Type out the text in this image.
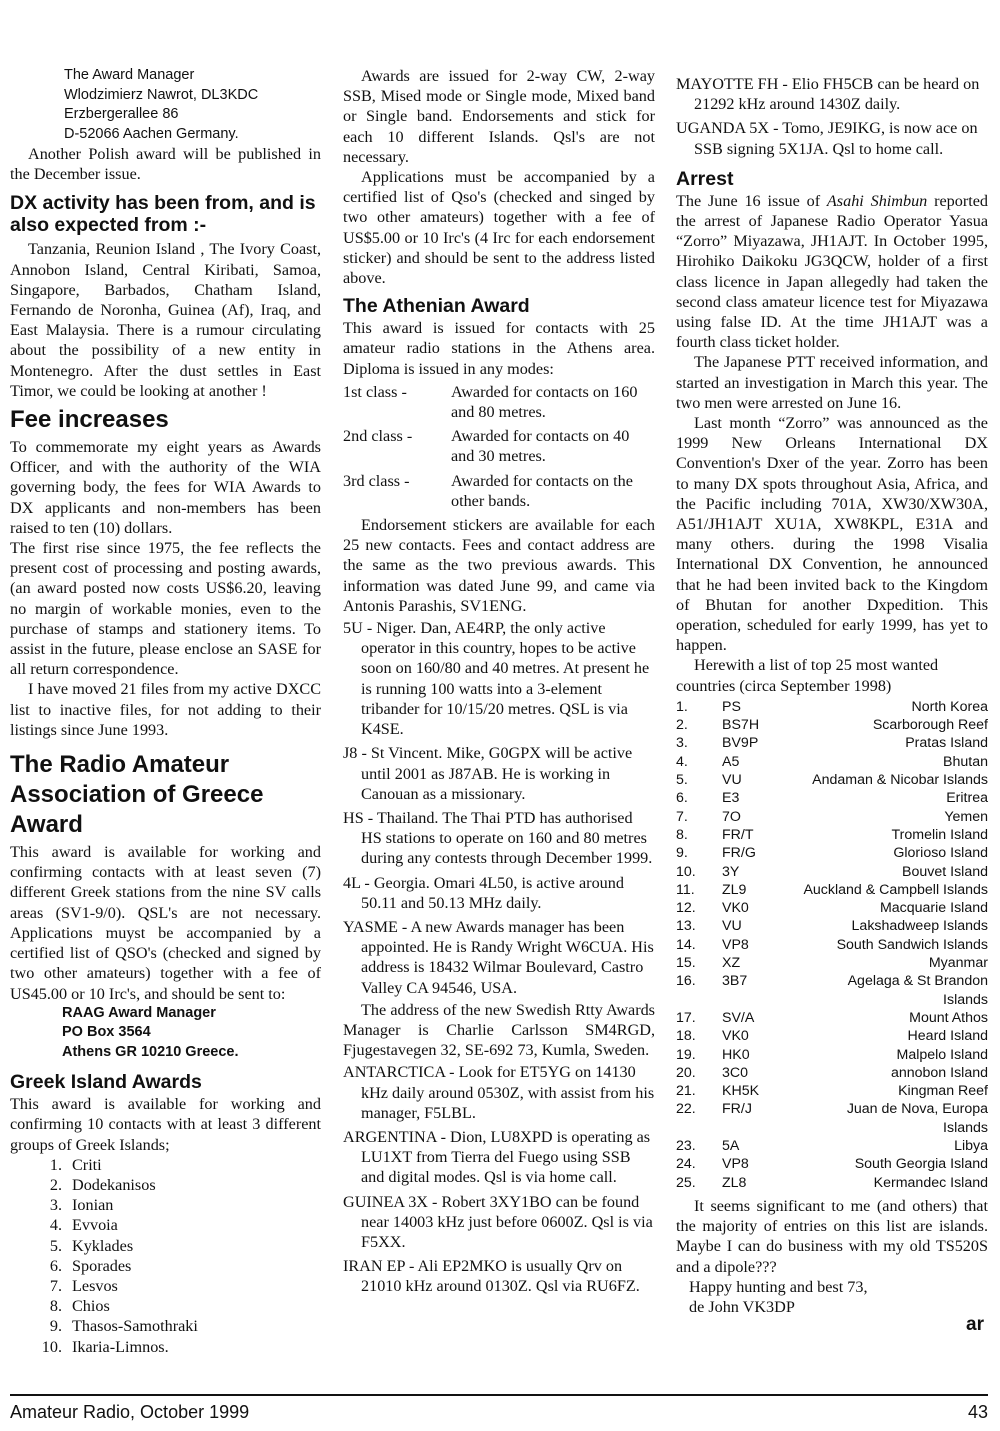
The Award Manager
Wlodzimierz Nawrot, DL3KDC
Erzbergerallee 86
D-52066 Aachen Germany.

Another Polish award will be published in the December issue.

DX activity has been from, and is also expected from :-

Tanzania, Reunion Island , The Ivory Coast, Annobon Island, Central Kiribati, Samoa, Singapore, Barbados, Chatham Island, Fernando de Noronha, Guinea (Af), Iraq, and East Malaysia. There is a rumour circulating about the possibility of a new entity in Montenegro. After the dust settles in East Timor, we could be looking at another !

Fee increases

To commemorate my eight years as Awards Officer, and with the authority of the WIA governing body, the fees for WIA Awards to DX applicants and non-members has been raised to ten (10) dollars.

The first rise since 1975, the fee reflects the present cost of processing and posting awards, (an award posted now costs US$6.20, leaving no margin of workable monies, even to the purchase of stamps and stationery items. To assist in the future, please enclose an SASE for all return correspondence.

I have moved 21 files from my active DXCC list to inactive files, for not adding to their listings since June 1993.

The Radio Amateur Association of Greece Award

This award is available for working and confirming contacts with at least seven (7) different Greek stations from the nine SV calls areas (SV1-9/0). QSL's are not necessary. Applications muyst be accompanied by a certified list of QSO's (checked and signed by two other amateurs) together with a fee of US45.00 or 10 Irc's, and should be sent to:

RAAG Award Manager
PO Box 3564
Athens GR 10210 Greece.
Greek Island Awards

This award is available for working and confirming 10 contacts with at least 3 different groups of Greek Islands;

1. Criti
2. Dodekanisos
3. Ionian
4. Evvoia
5. Kyklades
6. Sporades
7. Lesvos
8. Chios
9. Thasos-Samothraki
10. Ikaria-Limnos.

Awards are issued for 2-way CW, 2-way SSB, Mised mode or Single mode, Mixed band or Single band. Endorsements and stick for each 10 different Islands. Qsl's are not necessary.

Applications must be accompanied by a certified list of Qso's (checked and singed by two other amateurs) together with a fee of US$5.00 or 10 Irc's (4 Irc for each endorsement sticker) and should be sent to the address listed above.

The Athenian Award

This award is issued for contacts with 25 amateur radio stations in the Athens area. Diploma is issued in any modes:

1st class -	Awarded for contacts on 160 and 80 metres.
2nd class -	Awarded for contacts on 40 and 30 metres.
3rd class -	Awarded for contacts on the other bands.

Endorsement stickers are available for each 25 new contacts. Fees and contact address are the same as the two previous awards. This information was dated June 99, and came via Antonis Parashis, SV1ENG.

5U - Niger. Dan, AE4RP, the only active operator in this country, hopes to be active soon on 160/80 and 40 metres. At present he is running 100 watts into a 3-element tribander for 10/15/20 metres. QSL is via K4SE.

J8 - St Vincent. Mike, G0GPX will be active until 2001 as J87AB. He is working in Canouan as a missionary.

HS - Thailand. The Thai PTD has authorised HS stations to operate on 160 and 80 metres during any contests through December 1999.

4L - Georgia. Omari 4L50, is active around 50.11 and 50.13 MHz daily.

YASME - A new Awards manager has been appointed. He is Randy Wright W6CUA. His address is 18432 Wilmar Boulevard, Castro Valley CA 94546, USA.

The address of the new Swedish Rtty Awards Manager is Charlie Carlsson SM4RGD, Fjugestavegen 32, SE-692 73, Kumla, Sweden.

ANTARCTICA - Look for ET5YG on 14130 kHz daily around 0530Z, with assist from his manager, F5LBL.

ARGENTINA - Dion, LU8XPD is operating as LU1XT from Tierra del Fuego using SSB and digital modes. Qsl is via home call.

GUINEA 3X - Robert 3XY1BO can be found near 14003 kHz just before 0600Z. Qsl is via F5XX.

IRAN EP - Ali EP2MKO is usually Qrv on 21010 kHz around 0130Z. Qsl via RU6FZ.

MAYOTTE FH - Elio FH5CB can be heard on 21292 kHz around 1430Z daily.

UGANDA 5X - Tomo, JE9IKG, is now ace on SSB signing 5X1JA. Qsl to home call.

Arrest

The June 16 issue of Asahi Shimbun reported the arrest of Japanese Radio Operator Yasua “Zorro” Miyazawa, JH1AJT. In October 1995, Hirohiko Daikoku JG3QCW, holder of a first class licence in Japan allegedly had taken the second class amateur licence test for Miyazawa using false ID. At the time JH1AJT was a fourth class ticket holder.

The Japanese PTT received information, and started an investigation in March this year. The two men were arrested on June 16.

Last month “Zorro” was announced as the 1999 New Orleans International DX Convention's Dxer of the year. Zorro has been to many DX spots throughout Asia, Africa, and the Pacific including 701A, XW30/XW30A, A51/JH1AJT XU1A, XW8KPL, E31A and many others. during the 1998 Visalia International DX Convention, he announced that he had been invited back to the Kingdom of Bhutan for another Dxpedition. This operation, scheduled for early 1999, has yet to happen.

Herewith a list of top 25 most wanted countries (circa September 1998)

1.	PS	North Korea
2.	BS7H	Scarborough Reef
3.	BV9P	Pratas Island
4.	A5	Bhutan
5.	VU	Andaman & Nicobar Islands
6.	E3	Eritrea
7.	7O	Yemen
8.	FR/T	Tromelin Island
9.	FR/G	Glorioso Island
10.	3Y	Bouvet Island
11.	ZL9	Auckland & Campbell Islands
12.	VK0	Macquarie Island
13.	VU	Lakshadweep Islands
14.	VP8	South Sandwich Islands
15.	XZ	Myanmar
16.	3B7	Agelaga & St Brandon Islands
17.	SV/A	Mount Athos
18.	VK0	Heard Island
19.	HK0	Malpelo Island
20.	3C0	annobon Island
21.	KH5K	Kingman Reef
22.	FR/J	Juan de Nova, Europa Islands
23.	5A	Libya
24.	VP8	South Georgia Island
25.	ZL8	Kermandec Island

It seems significant to me (and others) that the majority of entries on this list are islands. Maybe I can do business with my old TS520S and a dipole???

Happy hunting and best 73,

de John VK3DP

ar
Amateur Radio, October 1999	43
